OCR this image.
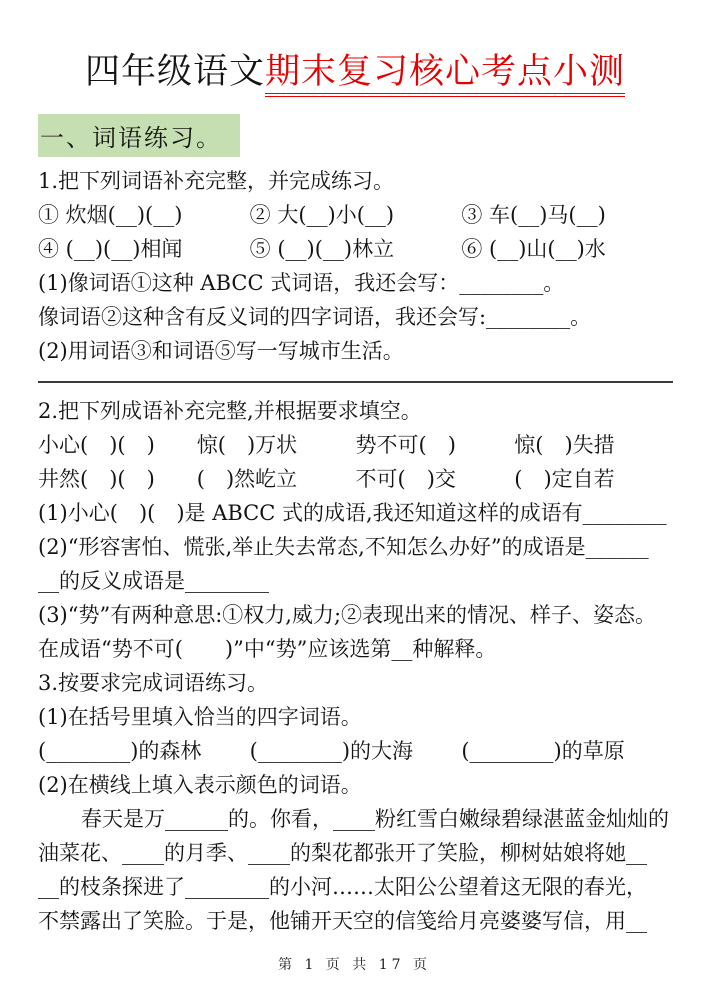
四年级语文期末复习核心考点小测
一、词语练习。
1.把下列词语补充完整，并完成练习。
① 炊烟(__)(__)	② 大(__)小(__)	③ 车(__)马(__)
④ (__)(__)相闻	⑤ (__)(__)林立	⑥ (__)山(__)水
(1)像词语①这种 ABCC 式词语，我还会写：________。
像词语②这种含有反义词的四字词语，我还会写:________。
(2)用词语③和词语⑤写一写城市生活。
2.把下列成语补充完整,并根据要求填空。
小心(　)(　)	惊(　)万状	势不可(　)	惊(　)失措
井然(　)(　)	(　)然屹立	不可(　)交	(　)定自若
(1)小心(　)(　)是 ABCC 式的成语,我还知道这样的成语有________
(2)“形容害怕、慌张,举止失去常态,不知怎么办好”的成语是______
__的反义成语是________
(3)“势”有两种意思:①权力,威力;②表现出来的情况、样子、姿态。
在成语“势不可(　　)”中“势”应该选第__种解释。
3.按要求完成词语练习。
(1)在括号里填入恰当的四字词语。
(________)的森林	(________)的大海	(________)的草原
(2)在横线上填入表示颜色的词语。
春天是万______的。你看，____粉红雪白嫩绿碧绿湛蓝金灿灿的
油菜花、____的月季、____的梨花都张开了笑脸，柳树姑娘将她__
__的枝条探进了________的小河……太阳公公望着这无限的春光，
不禁露出了笑脸。于是，他铺开天空的信笺给月亮婆婆写信，用__
第 1 页 共 17 页
